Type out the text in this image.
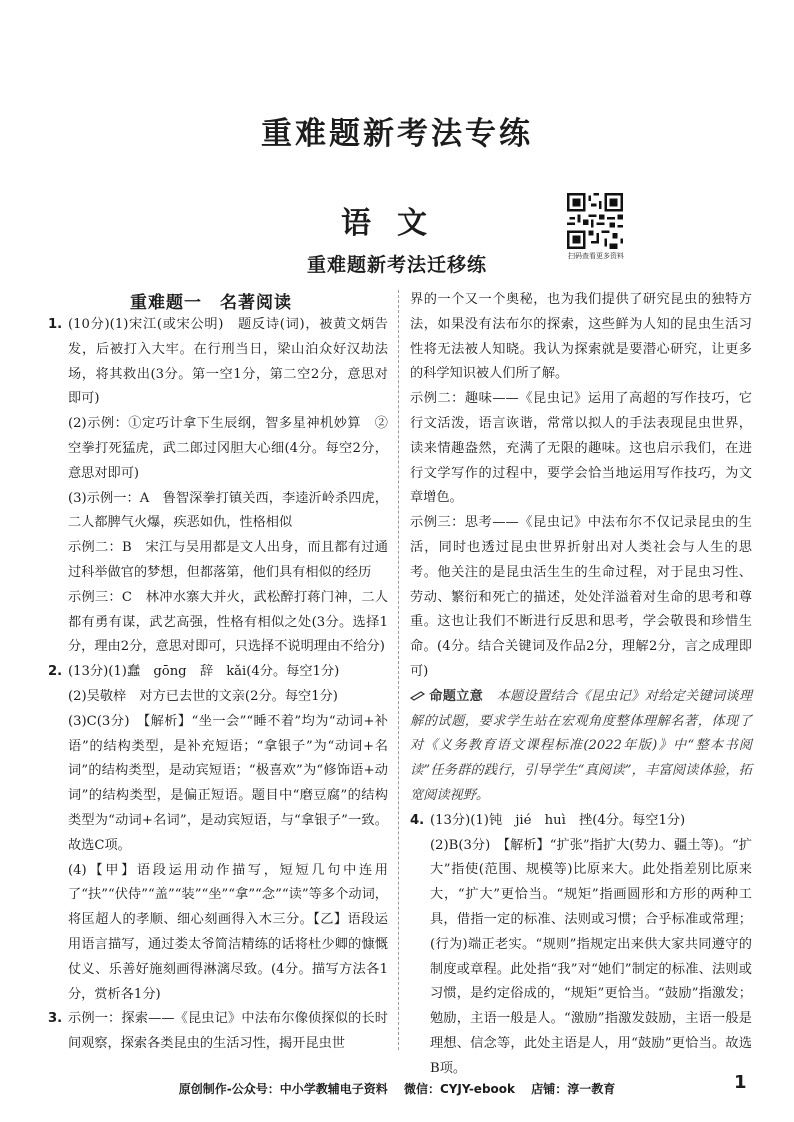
重难题新考法专练
语文
扫码查看更多资料
重难题新考法迁移练
重难题一　名著阅读
1. (10分)(1)宋江(或宋公明)　题反诗(词)，被黄文炳告发，后被打入大牢。在行刑当日，梁山泊众好汉劫法场，将其救出(3分。第一空1分，第二空2分，意思对即可)

(2)示例：①定巧计拿下生辰纲，智多星神机妙算　②空拳打死猛虎，武二郎过冈胆大心细(4分。每空2分，意思对即可)

(3)示例一：A　鲁智深拳打镇关西，李逵沂岭杀四虎，二人都脾气火爆，疾恶如仇，性格相似

示例二：B　宋江与吴用都是文人出身，而且都有过通过科举做官的梦想，但都落第，他们具有相似的经历

示例三：C　林冲水寨大并火，武松醉打蒋门神，二人都有勇有谋，武艺高强，性格有相似之处(3分。选择1分，理由2分，意思对即可，只选择不说明理由不给分)

2. (13分)(1)蠢　gōng　辞　kǎi(4分。每空1分)

(2)吴敬梓　对方已去世的文亲(2分。每空1分)

(3)C(3分)　【解析】“坐一会”“睡不着”均为“动词+补语”的结构类型，是补充短语；“拿银子”为“动词+名词”的结构类型，是动宾短语；“极喜欢”为“修饰语+动词”的结构类型，是偏正短语。题目中“磨豆腐”的结构类型为“动词+名词”，是动宾短语，与“拿银子”一致。故选C项。

(4)【甲】语段运用动作描写，短短几句中连用了“扶”“伏侍”“盖”“装”“坐”“拿”“念”“读”等多个动词，将匡超人的孝顺、细心刻画得入木三分。【乙】语段运用语言描写，通过娄太爷简洁精练的话将杜少卿的慷慨仗义、乐善好施刻画得淋漓尽致。(4分。描写方法各1分，赏析各1分)

3. 示例一：探索——《昆虫记》中法布尔像侦探似的长时间观察，探索各类昆虫的生活习性，揭开昆虫世

界的一个又一个奥秘，也为我们提供了研究昆虫的独特方法，如果没有法布尔的探索，这些鲜为人知的昆虫生活习性将无法被人知晓。我认为探索就是要潜心研究，让更多的科学知识被人们所了解。

示例二：趣味——《昆虫记》运用了高超的写作技巧，它行文活泼，语言诙谐，常常以拟人的手法表现昆虫世界，读来情趣盎然，充满了无限的趣味。这也启示我们，在进行文学写作的过程中，要学会恰当地运用写作技巧，为文章增色。

示例三：思考——《昆虫记》中法布尔不仅记录昆虫的生活，同时也透过昆虫世界折射出对人类社会与人生的思考。他关注的是昆虫活生生的生命过程，对于昆虫习性、劳动、繁衍和死亡的描述，处处洋溢着对生命的思考和尊重。这也让我们不断进行反思和思考，学会敬畏和珍惜生命。(4分。结合关键词及作品2分，理解2分，言之成理即可)

命题立意　 本题设置结合《昆虫记》对给定关键词谈理解的试题，要求学生站在宏观角度整体理解名著，体现了对《义务教育语文课程标准(2022年版)》中“整本书阅读”任务群的践行，引导学生“真阅读”，丰富阅读体验，拓宽阅读视野。

4. (13分)(1)钝　jié　huì　挫(4分。每空1分)

(2)B(3分)　【解析】“扩张”指扩大(势力、疆土等)。“扩大”指使(范围、规模等)比原来大。此处指差别比原来大，“扩大”更恰当。“规矩”指画圆形和方形的两种工具，借指一定的标准、法则或习惯；合乎标准或常理；(行为)端正老实。“规则”指规定出来供大家共同遵守的制度或章程。此处指“我”对“她们”制定的标准、法则或习惯，是约定俗成的，“规矩”更恰当。“鼓励”指激发；勉励，主语一般是人。“激励”指激发鼓励，主语一般是理想、信念等，此处主语是人，用“鼓励”更恰当。故选B项。

原创制作-公众号：中小学教辅电子资料 微信：CYJY-ebook 店铺：淳一教育	1
